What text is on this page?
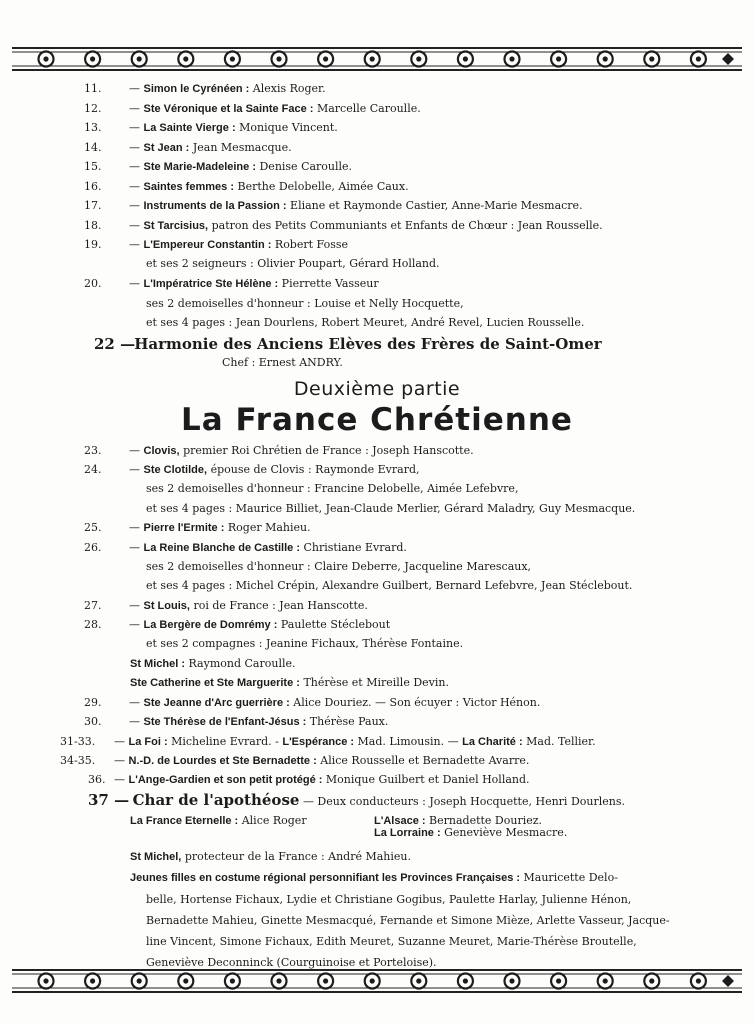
11.	— Simon le Cyrénéen : Alexis Roger.
12.	— Ste Véronique et la Sainte Face : Marcelle Caroulle.
13.	— La Sainte Vierge : Monique Vincent.
14.	— St Jean : Jean Mesmacque.
15.	— Ste Marie-Madeleine : Denise Caroulle.
16.	— Saintes femmes : Berthe Delobelle, Aimée Caux.
17.	— Instruments de la Passion : Eliane et Raymonde Castier, Anne-Marie Mesmacre.
18.	— St Tarcisius, patron des Petits Communiants et Enfants de Chœur : Jean Rousselle.
19.	— L'Empereur Constantin : Robert Fosse
et ses 2 seigneurs : Olivier Poupart, Gérard Holland.
20.	— L'Impératrice Ste Hélène : Pierrette Vasseur
ses 2 demoiselles d'honneur : Louise et Nelly Hocquette,
et ses 4 pages : Jean Dourlens, Robert Meuret, André Revel, Lucien Rousselle.
22 — Harmonie des Anciens Elèves des Frères de Saint-Omer
Chef : Ernest ANDRY.
Deuxième partie
La France Chrétienne
23.	— Clovis, premier Roi Chrétien de France : Joseph Hanscotte.
24.	— Ste Clotilde, épouse de Clovis : Raymonde Evrard,
ses 2 demoiselles d'honneur : Francine Delobelle, Aimée Lefebvre,
et ses 4 pages : Maurice Billiet, Jean-Claude Merlier, Gérard Maladry, Guy Mesmacque.
25.	— Pierre l'Ermite : Roger Mahieu.
26.	— La Reine Blanche de Castille : Christiane Evrard.
ses 2 demoiselles d'honneur : Claire Deberre, Jacqueline Marescaux,
et ses 4 pages : Michel Crépin, Alexandre Guilbert, Bernard Lefebvre, Jean Stéclebout.
27.	— St Louis, roi de France : Jean Hanscotte.
28.	— La Bergère de Domrémy : Paulette Stéclebout
et ses 2 compagnes : Jeanine Fichaux, Thérèse Fontaine.
St Michel : Raymond Caroulle.
Ste Catherine et Ste Marguerite : Thérèse et Mireille Devin.
29.	— Ste Jeanne d'Arc guerrière : Alice Douriez. — Son écuyer : Victor Hénon.
30.	— Ste Thérèse de l'Enfant-Jésus : Thérèse Paux.
31-33. — La Foi : Micheline Evrard. - L'Espérance : Mad. Limousin. — La Charité : Mad. Tellier.
34-35. — N.-D. de Lourdes et Ste Bernadette : Alice Rousselle et Bernadette Avarre.
36. — L'Ange-Gardien et son petit protégé : Monique Guilbert et Daniel Holland.
37 — Char de l'apothéose — Deux conducteurs : Joseph Hocquette, Henri Dourlens.
La France Eternelle : Alice Roger	L'Alsace : Bernadette Douriez.
La Lorraine : Geneviève Mesmacre.
St Michel, protecteur de la France : André Mahieu.
Jeunes filles en costume régional personnifiant les Provinces Françaises : Mauricette Delo-
belle, Hortense Fichaux, Lydie et Christiane Gogibus, Paulette Harlay, Julienne Hénon,
Bernadette Mahieu, Ginette Mesmacqué, Fernande et Simone Mièze, Arlette Vasseur, Jacque-
line Vincent, Simone Fichaux, Edith Meuret, Suzanne Meuret, Marie-Thérèse Broutelle,
Geneviève Deconninck (Courguinoise et Porteloise).
